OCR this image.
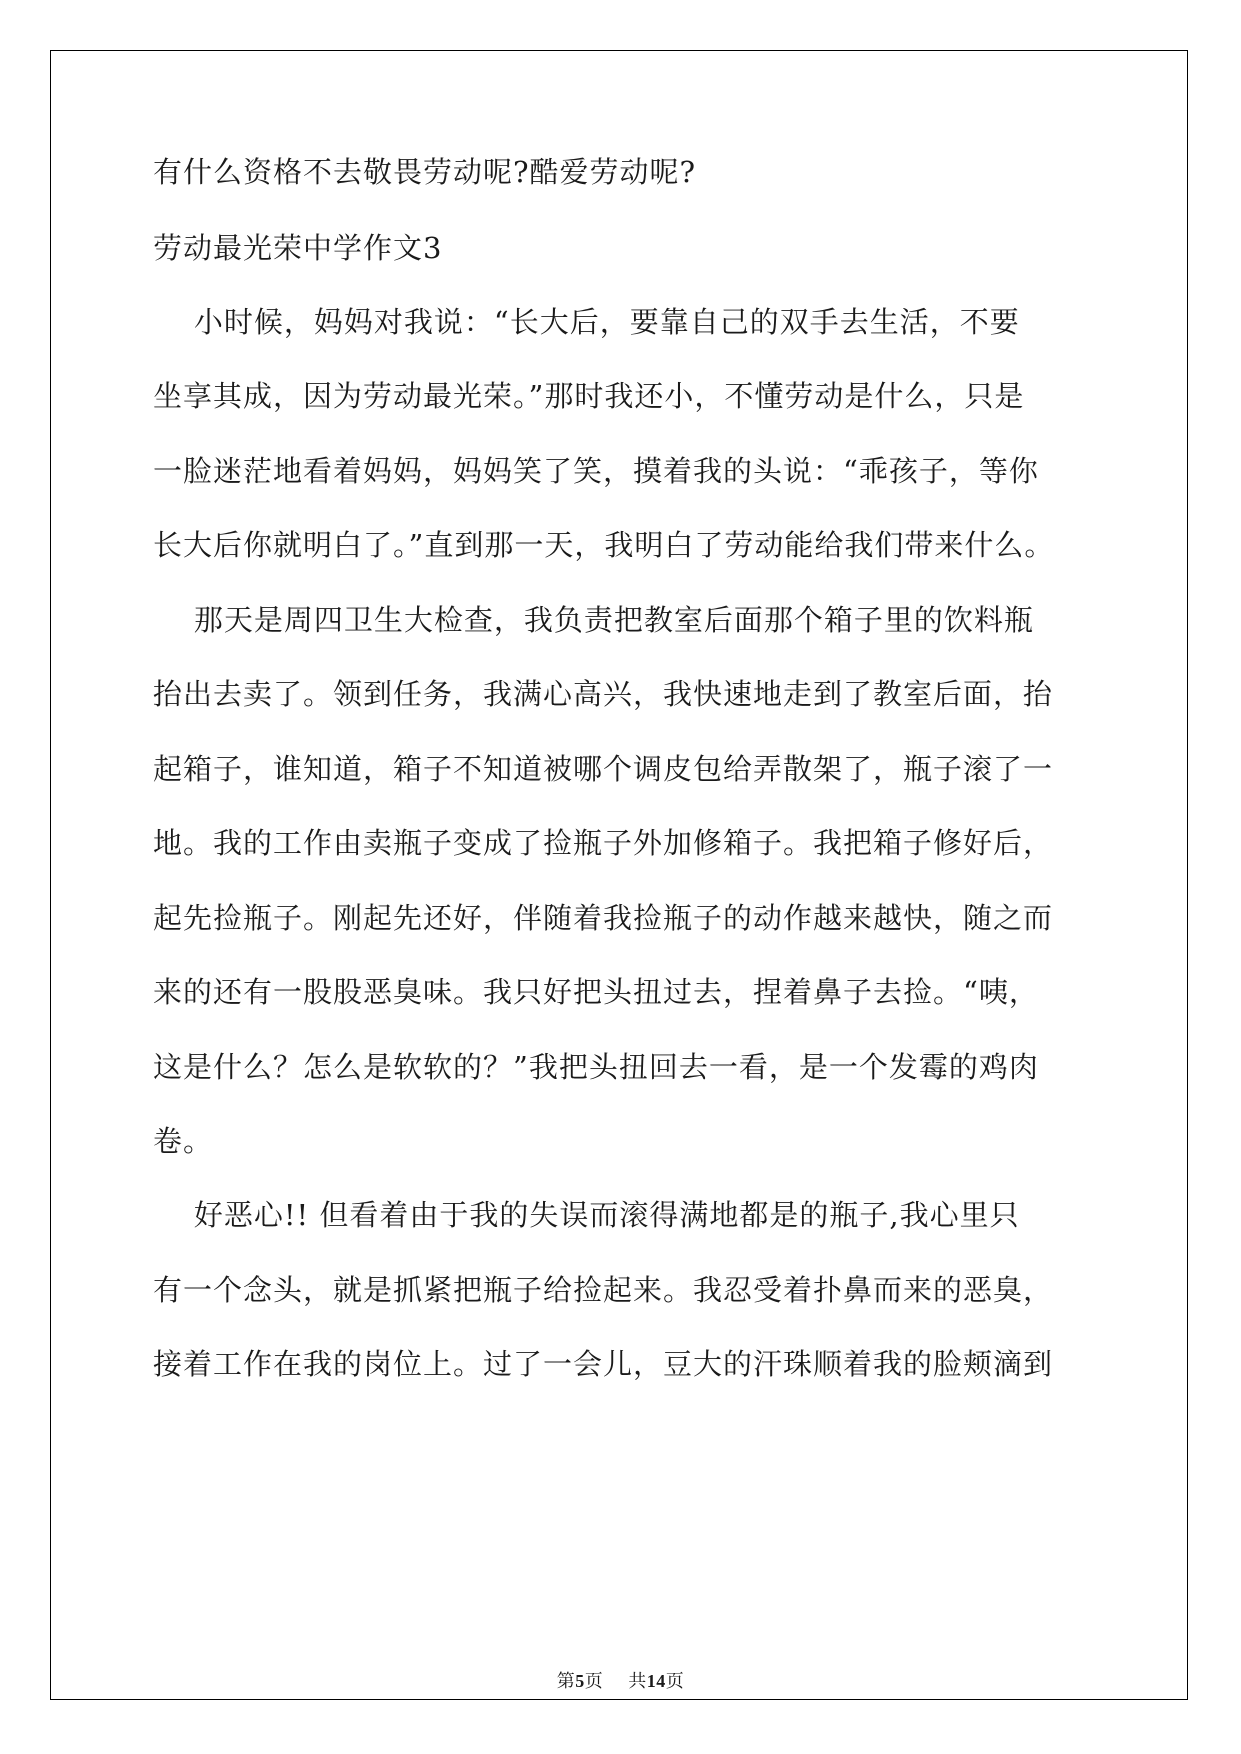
有什么资格不去敬畏劳动呢?酷爱劳动呢?
劳动最光荣中学作文3
小时候，妈妈对我说：“长大后，要靠自己的双手去生活，不要
坐享其成，因为劳动最光荣。”那时我还小，不懂劳动是什么，只是
一脸迷茫地看着妈妈，妈妈笑了笑，摸着我的头说：“乖孩子，等你
长大后你就明白了。”直到那一天，我明白了劳动能给我们带来什么。
那天是周四卫生大检查，我负责把教室后面那个箱子里的饮料瓶
抬出去卖了。领到任务，我满心高兴，我快速地走到了教室后面，抬
起箱子，谁知道，箱子不知道被哪个调皮包给弄散架了，瓶子滚了一
地。我的工作由卖瓶子变成了捡瓶子外加修箱子。我把箱子修好后，
起先捡瓶子。刚起先还好，伴随着我捡瓶子的动作越来越快，随之而
来的还有一股股恶臭味。我只好把头扭过去，捏着鼻子去捡。“咦，
这是什么？怎么是软软的？”我把头扭回去一看，是一个发霉的鸡肉
卷。
好恶心!! 但看着由于我的失误而滚得满地都是的瓶子,我心里只
有一个念头，就是抓紧把瓶子给捡起来。我忍受着扑鼻而来的恶臭，
接着工作在我的岗位上。过了一会儿，豆大的汗珠顺着我的脸颊滴到
第5页 共14页
